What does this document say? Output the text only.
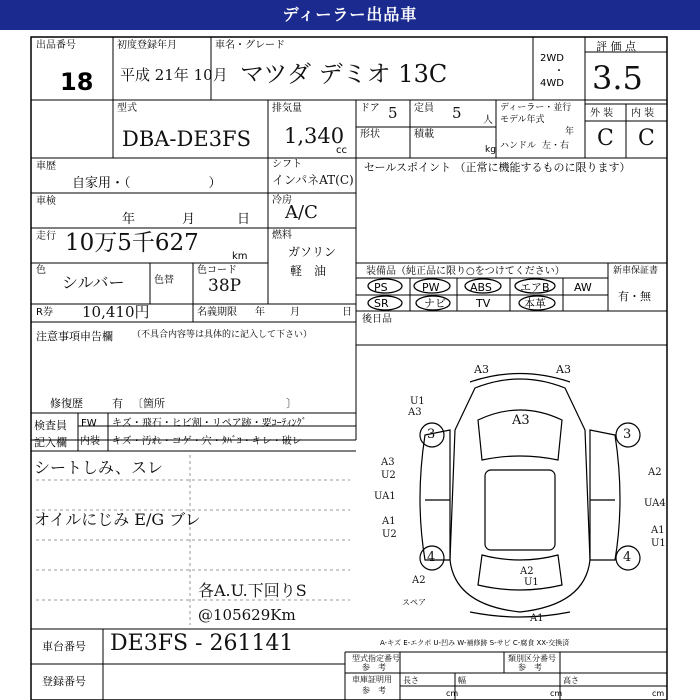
ディーラー出品車
出品番号
18
初度登録年月
平成 21年 10月
車名・グレード
マツダ デミオ 13C
2WD
・
4WD
評 価 点
3.5
外 装 内 装
C C
型式
DBA-DE3FS
排気量
1,340
cc
ドア 5 定員 5 人
ディーラー・並行
モデル年式
年
形状	積載
kg ハンドル 左・右
車歴
自家用・（　　　　　　）
シフト
インパネAT(C)
車検
年	月	日
冷房
A/C
走行 10万5千627
km
燃料
ガソリン
軽　油
色
シルバー	色替
色コード
38P
R券 10,410円	名義期限 年	月	日
注意事項申告欄 （不具合内容等は具体的に記入して下さい）
修復歴	有 〔箇所　　　　　　　　　　　〕
検査員
記入欄
FW キズ・飛石・ヒビ割・リペア跡・要ｺｰﾃｨﾝｸﾞ
内装 キズ・汚れ・コゲ・穴・ﾀﾊﾞｺ・キレ・破レ
シートしみ、スレ
オイルにじみ E/G ブレ
各A.U.下回りS
@105629Km
セールスポイント （正常に機能するものに限ります）
装備品（純正品に限り○をつけてください）
PS	PW	ABS	エアB AW
SR	ナビ	TV	本革
新車保証書
有・無
後日品
A3	A3
U1
A3
A3
A3
U2
UA1
A1
U2
A2
UA4
A1
U1
A2
U1
A2
A1
3	3
4	4
スペア
A-キズ E-エクボ U-凹み W-補修跡 S-サビ C-腐食 XX-交換済
車台番号 DE3FS - 261141
登録番号
型式指定番号
参　考
類別区分番号
参　考
車庫証明用
参　考
長さ	幅	高さ
cm	cm	cm
